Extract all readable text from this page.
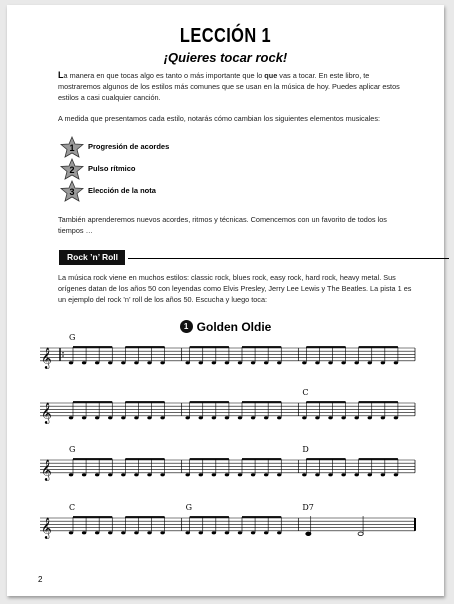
LECCIÓN 1
¡Quieres tocar rock!
La manera en que tocas algo es tanto o más importante que lo que vas a tocar. En este libro, te mostraremos algunos de los estilos más comunes que se usan en la música de hoy. Puedes aplicar estos estilos a casi cualquier canción.
A medida que presentamos cada estilo, notarás cómo cambian los siguientes elementos musicales:
1 Progresión de acordes
2 Pulso rítmico
3 Elección de la nota
También aprenderemos nuevos acordes, ritmos y técnicas. Comencemos con un favorito de todos los tiempos …
Rock ’n’ Roll
La música rock viene en muchos estilos: classic rock, blues rock, easy rock, hard rock, heavy metal. Sus orígenes datan de los años 50 con leyendas como Elvis Presley, Jerry Lee Lewis y The Beatles. La pista 1 es un ejemplo del rock ’n’ roll de los años 50. Escucha y luego toca:
1 Golden Oldie
𝄞
G
𝄞
C
𝄞
G	D
𝄞
C	G	D7
2
